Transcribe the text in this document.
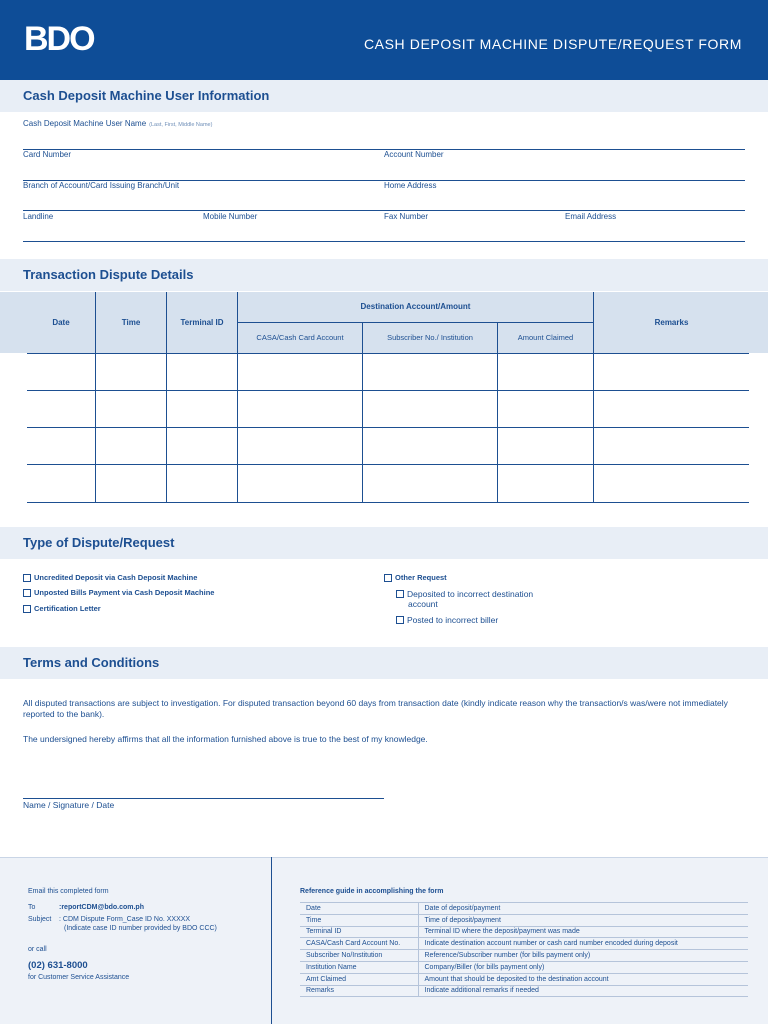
BDO	CASH DEPOSIT MACHINE DISPUTE/REQUEST FORM
Cash Deposit Machine User Information
Cash Deposit Machine User Name (Last, First, Middle Name)
Card Number	Account Number
Branch of Account/Card Issuing Branch/Unit	Home Address
Landline	Mobile Number	Fax Number	Email Address
Transaction Dispute Details
Date	Time	Terminal ID
Destination Account/Amount
CASA/Cash Card Account	Subscriber No./ Institution	Amount Claimed
Remarks
Type of Dispute/Request
Uncredited Deposit via Cash Deposit Machine
Unposted Bills Payment via Cash Deposit Machine
Certification Letter
Other Request
Deposited to incorrect destination
account
Posted to incorrect biller
Terms and Conditions
All disputed transactions are subject to investigation. For disputed transaction beyond 60 days from transaction date (kindly indicate reason why the transaction/s was/were not immediately reported to the bank).
The undersigned hereby affirms that all the information furnished above is true to the best of my knowledge.
Name / Signature / Date
Email this completed form
To	:reportCDM@bdo.com.ph
Subject : CDM Dispute Form_Case ID No. XXXXX
(Indicate case ID number provided by BDO CCC)
or call
(02) 631-8000
for Customer Service Assistance
Reference guide in accomplishing the form
Date	Date of deposit/payment
Time	Time of deposit/payment
Terminal ID	Terminal ID where the deposit/payment was made
CASA/Cash Card Account No.	Indicate destination account number or cash card number encoded during deposit
Subscriber No/Institution	Reference/Subscriber number (for bills payment only)
Institution Name	Company/Biller (for bills payment only)
Amt Claimed	Amount that should be deposited to the destination account
Remarks	Indicate additional remarks if needed
